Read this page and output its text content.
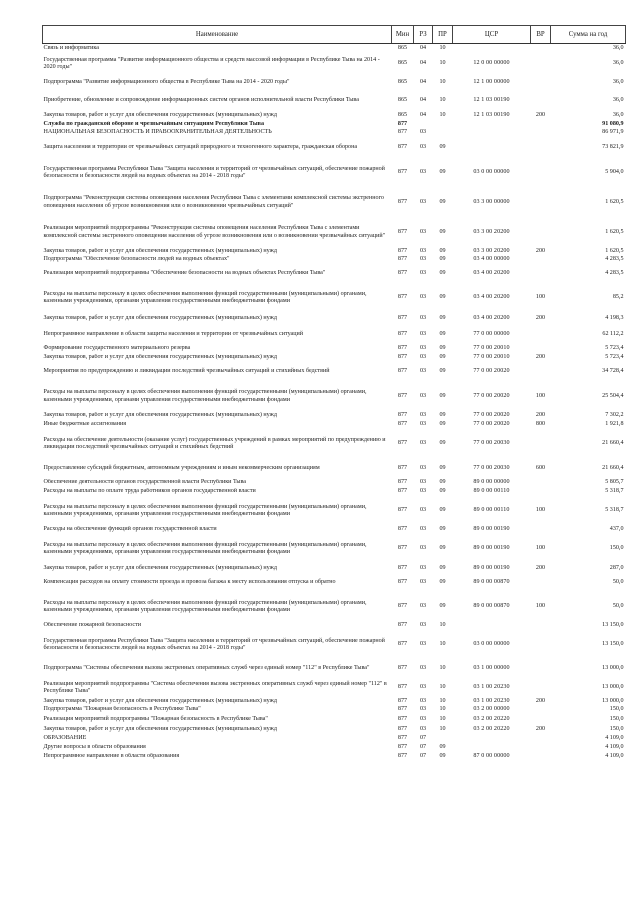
Наименование	Мин	РЗ	ПР	ЦСР	ВР	Сумма на год
Связь и информатика	865	04	10			36,0
Государственная программа "Развитие информационного общества и средств массовой информации в Республике Тыва на 2014 - 2020 годы"	865	04	10	12 0 00 00000		36,0
Подпрограмма "Развитие информационного общества в Республике Тыва на 2014 - 2020 годы"	865	04	10	12 1 00 00000		36,0
Приобретение, обновление и сопровождение информационных систем органов исполнительной власти Республики Тыва	865	04	10	12 1 03 00190		36,0
Закупка товаров, работ и услуг для обеспечения государственных (муниципальных) нужд	865	04	10	12 1 03 00190	200	36,0
Служба по гражданской обороне и чрезвычайным ситуациям Республики Тыва	877					91 080,9
НАЦИОНАЛЬНАЯ БЕЗОПАСНОСТЬ И ПРАВООХРАНИТЕЛЬНАЯ ДЕЯТЕЛЬНОСТЬ	877	03				86 971,9
Защита населения и территории от чрезвычайных ситуаций природного и техногенного характера, гражданская оборона	877	03	09			73 821,9
Государственная программа Республики Тыва "Защита населения и территорий от чрезвычайных ситуаций, обеспечение пожарной безопасности и безопасности людей на водных объектах на 2014 - 2018 годы"	877	03	09	03 0 00 00000		5 904,0
Подпрограмма "Реконструкция системы оповещения населения Республики Тыва с элементами комплексной системы экстренного оповещения населения об угрозе возникновения или о возникновении чрезвычайных ситуаций"	877	03	09	03 3 00 00000		1 620,5
Реализация мероприятий подпрограммы "Реконструкция системы оповещения населения Республики Тыва с элементами комплексной системы экстренного оповещения населения об угрозе возникновения или о возникновении чрезвычайных ситуаций"	877	03	09	03 3 00 20200		1 620,5
Закупка товаров, работ и услуг для обеспечения государственных (муниципальных) нужд	877	03	09	03 3 00 20200	200	1 620,5
Подпрограмма "Обеспечение безопасности людей на водных объектах"	877	03	09	03 4 00 00000		4 283,5
Реализация мероприятий подпрограммы "Обеспечение безопасности на водных объектах Республики Тыва"	877	03	09	03 4 00 20200		4 283,5
Расходы на выплаты персоналу в целях обеспечения выполнения функций государственными (муниципальными) органами, казенными учреждениями, органами управления государственными внебюджетными фондами	877	03	09	03 4 00 20200	100	85,2
Закупка товаров, работ и услуг для обеспечения государственных (муниципальных) нужд	877	03	09	03 4 00 20200	200	4 198,3
Непрограммное направление в области защиты населения и территории от чрезвычайных ситуаций	877	03	09	77 0 00 00000		62 112,2
Формирование государственного материального резерва	877	03	09	77 0 00 20010		5 723,4
Закупка товаров, работ и услуг для обеспечения государственных (муниципальных) нужд	877	03	09	77 0 00 20010	200	5 723,4
Мероприятия по предупреждению и ликвидации последствий чрезвычайных ситуаций и стихийных бедствий	877	03	09	77 0 00 20020		34 728,4
Расходы на выплаты персоналу в целях обеспечения выполнения функций государственными (муниципальными) органами, казенными учреждениями, органами управления государственными внебюджетными фондами	877	03	09	77 0 00 20020	100	25 504,4
Закупка товаров, работ и услуг для обеспечения государственных (муниципальных) нужд	877	03	09	77 0 00 20020	200	7 302,2
Иные бюджетные ассигнования	877	03	09	77 0 00 20020	800	1 921,8
Расходы на обеспечение деятельности (оказание услуг) государственных учреждений в рамках мероприятий по предупреждению и ликвидации последствий чрезвычайных ситуаций и стихийных бедствий	877	03	09	77 0 00 20030		21 660,4
Предоставление субсидий бюджетным, автономным учреждениям и иным некоммерческим организациям	877	03	09	77 0 00 20030	600	21 660,4
Обеспечение деятельности органов государственной власти Республики Тыва	877	03	09	89 0 00 00000		5 805,7
Расходы на выплаты по оплате труда работников органов государственной власти	877	03	09	89 0 00 00110		5 318,7
Расходы на выплаты персоналу в целях обеспечения выполнения функций государственными (муниципальными) органами, казенными учреждениями, органами управления государственными внебюджетными фондами	877	03	09	89 0 00 00110	100	5 318,7
Расходы на обеспечение функций органов государственной власти	877	03	09	89 0 00 00190		437,0
Расходы на выплаты персоналу в целях обеспечения выполнения функций государственными (муниципальными) органами, казенными учреждениями, органами управления государственными внебюджетными фондами	877	03	09	89 0 00 00190	100	150,0
Закупка товаров, работ и услуг для обеспечения государственных (муниципальных) нужд	877	03	09	89 0 00 00190	200	287,0
Компенсация расходов на оплату стоимости проезда и провоза багажа к месту использования отпуска и обратно	877	03	09	89 0 00 00870		50,0
Расходы на выплаты персоналу в целях обеспечения выполнения функций государственными (муниципальными) органами, казенными учреждениями, органами управления государственными внебюджетными фондами	877	03	09	89 0 00 00870	100	50,0
Обеспечение пожарной безопасности	877	03	10			13 150,0
Государственная программа Республики Тыва "Защита населения и территорий от чрезвычайных ситуаций, обеспечение пожарной безопасности и безопасности людей на водных объектах на 2014 - 2018 годы"	877	03	10	03 0 00 00000		13 150,0
Подпрограмма "Системы обеспечения вызова экстренных оперативных служб через единый номер "112" в Республике Тыва"	877	03	10	03 1 00 00000		13 000,0
Реализация мероприятий подпрограммы "Система обеспечения вызова экстренных оперативных служб через единый номер "112" в Республике Тыва"	877	03	10	03 1 00 20230		13 000,0
Закупка товаров, работ и услуг для обеспечения государственных (муниципальных) нужд	877	03	10	03 1 00 20230	200	13 000,0
Подпрограмма "Пожарная безопасность в Республике Тыва"	877	03	10	03 2 00 00000		150,0
Реализация мероприятий подпрограммы "Пожарная безопасность в Республике Тыва"	877	03	10	03 2 00 20220		150,0
Закупка товаров, работ и услуг для обеспечения государственных (муниципальных) нужд	877	03	10	03 2 00 20220	200	150,0
ОБРАЗОВАНИЕ	877	07				4 109,0
Другие вопросы в области образования	877	07	09			4 109,0
Непрограммное направление в области образования	877	07	09	87 0 00 00000		4 109,0
